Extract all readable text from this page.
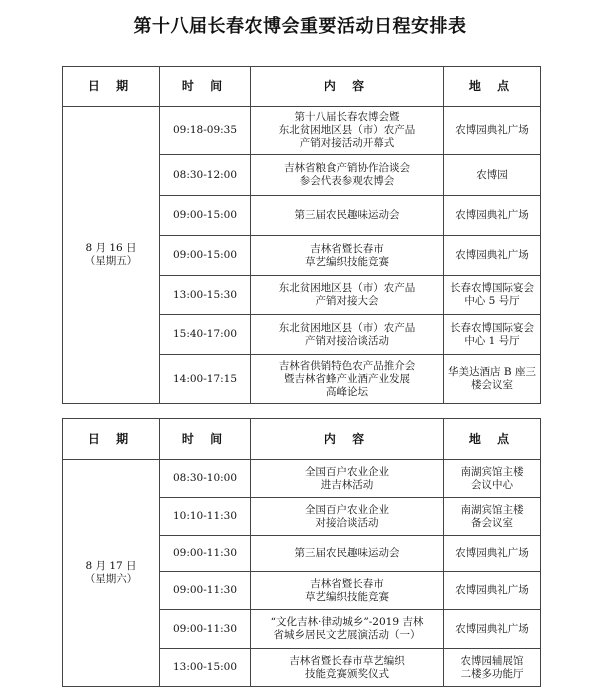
第十八届长春农博会重要活动日程安排表
日 期	时 间	内 容	地 点

8 月 16 日
（星期五）	09:18-09:35	第十八届长春农博会暨
东北贫困地区县（市）农产品
产销对接活动开幕式	农博园典礼广场
	08:30-12:00	吉林省粮食产销协作洽谈会
参会代表参观农博会	农博园
	09:00-15:00	第三届农民趣味运动会	农博园典礼广场
	09:00-15:00	吉林省暨长春市
草艺编织技能竞赛	农博园典礼广场
	13:00-15:30	东北贫困地区县（市）农产品
产销对接大会	长春农博国际宴会
中心 5 号厅
	15:40-17:00	东北贫困地区县（市）农产品
产销对接洽谈活动	长春农博国际宴会
中心 1 号厅
	14:00-17:15	吉林省供销特色农产品推介会
暨吉林省蜂产业酒产业发展
高峰论坛	华美达酒店 B 座三
楼会议室
日 期	时 间	内 容	地 点

8 月 17 日
（星期六）	08:30-10:00	全国百户农业企业
进吉林活动	南湖宾馆主楼
会议中心
	10:10-11:30	全国百户农业企业
对接洽谈活动	南湖宾馆主楼
备会议室
	09:00-11:30	第三届农民趣味运动会	农博园典礼广场
	09:00-11:30	吉林省暨长春市
草艺编织技能竞赛	农博园典礼广场
	09:00-11:30	“文化吉林·律动城乡”-2019 吉林
省城乡居民文艺展演活动（一）	农博园典礼广场
	13:00-15:00	吉林省暨长春市草艺编织
技能竞赛颁奖仪式	农博园辅展馆
二楼多功能厅
